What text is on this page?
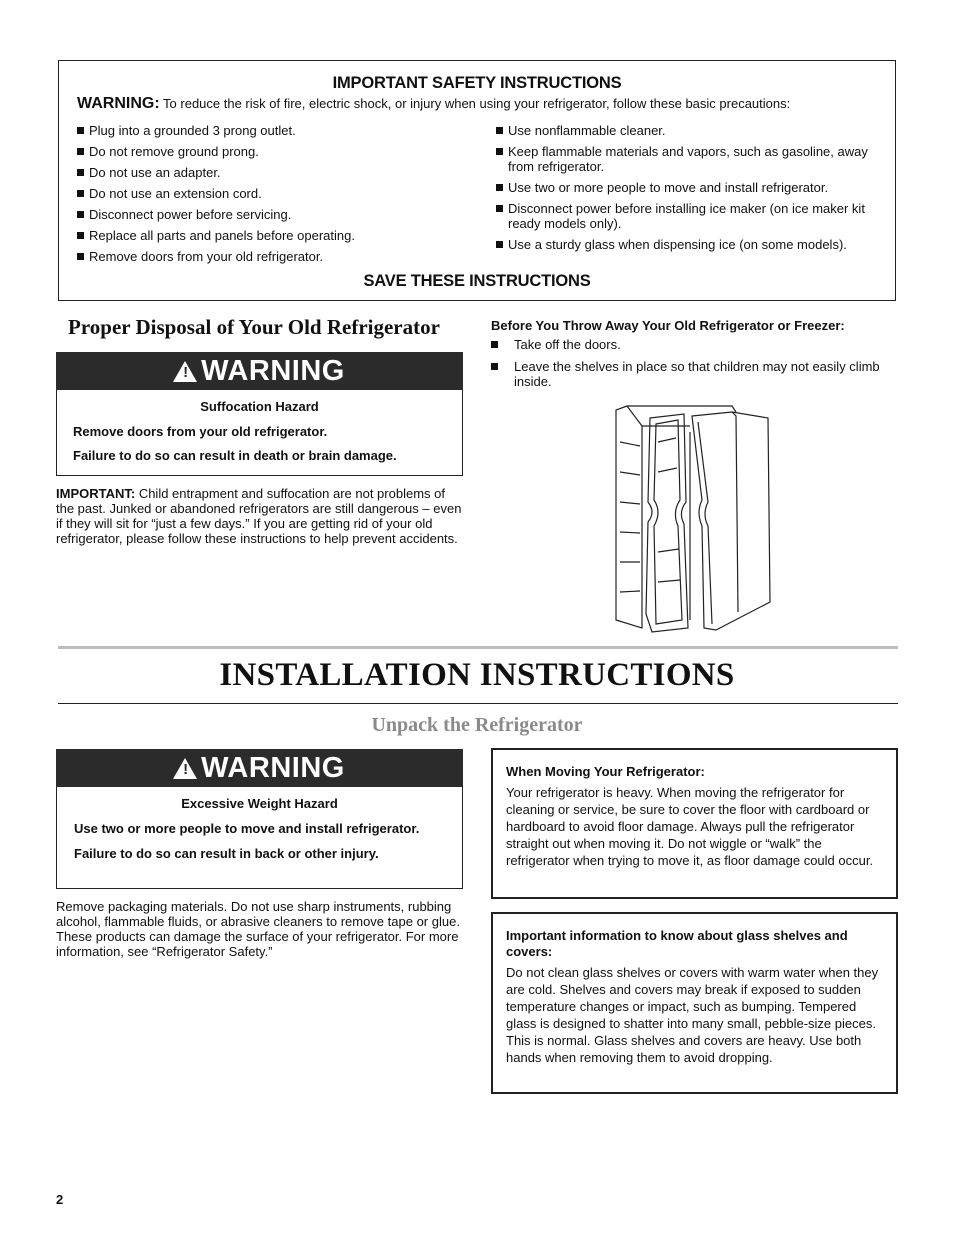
IMPORTANT SAFETY INSTRUCTIONS
WARNING: To reduce the risk of fire, electric shock, or injury when using your refrigerator, follow these basic precautions:
Plug into a grounded 3 prong outlet.
Do not remove ground prong.
Do not use an adapter.
Do not use an extension cord.
Disconnect power before servicing.
Replace all parts and panels before operating.
Remove doors from your old refrigerator.
Use nonflammable cleaner.
Keep flammable materials and vapors, such as gasoline, away from refrigerator.
Use two or more people to move and install refrigerator.
Disconnect power before installing ice maker (on ice maker kit ready models only).
Use a sturdy glass when dispensing ice (on some models).
SAVE THESE INSTRUCTIONS
Proper Disposal of Your Old Refrigerator
! WARNING
Suffocation Hazard
Remove doors from your old refrigerator.
Failure to do so can result in death or brain damage.
IMPORTANT: Child entrapment and suffocation are not problems of the past. Junked or abandoned refrigerators are still dangerous – even if they will sit for “just a few days.” If you are getting rid of your old refrigerator, please follow these instructions to help prevent accidents.
Before You Throw Away Your Old Refrigerator or Freezer:
Take off the doors.
Leave the shelves in place so that children may not easily climb inside.
INSTALLATION INSTRUCTIONS
Unpack the Refrigerator
! WARNING
Excessive Weight Hazard
Use two or more people to move and install refrigerator.
Failure to do so can result in back or other injury.
Remove packaging materials. Do not use sharp instruments, rubbing alcohol, flammable fluids, or abrasive cleaners to remove tape or glue. These products can damage the surface of your refrigerator. For more information, see “Refrigerator Safety.”
When Moving Your Refrigerator:
Your refrigerator is heavy. When moving the refrigerator for cleaning or service, be sure to cover the floor with cardboard or hardboard to avoid floor damage. Always pull the refrigerator straight out when moving it. Do not wiggle or “walk” the refrigerator when trying to move it, as floor damage could occur.
Important information to know about glass shelves and covers:
Do not clean glass shelves or covers with warm water when they are cold. Shelves and covers may break if exposed to sudden temperature changes or impact, such as bumping. Tempered glass is designed to shatter into many small, pebble-size pieces. This is normal. Glass shelves and covers are heavy. Use both hands when removing them to avoid dropping.
2
